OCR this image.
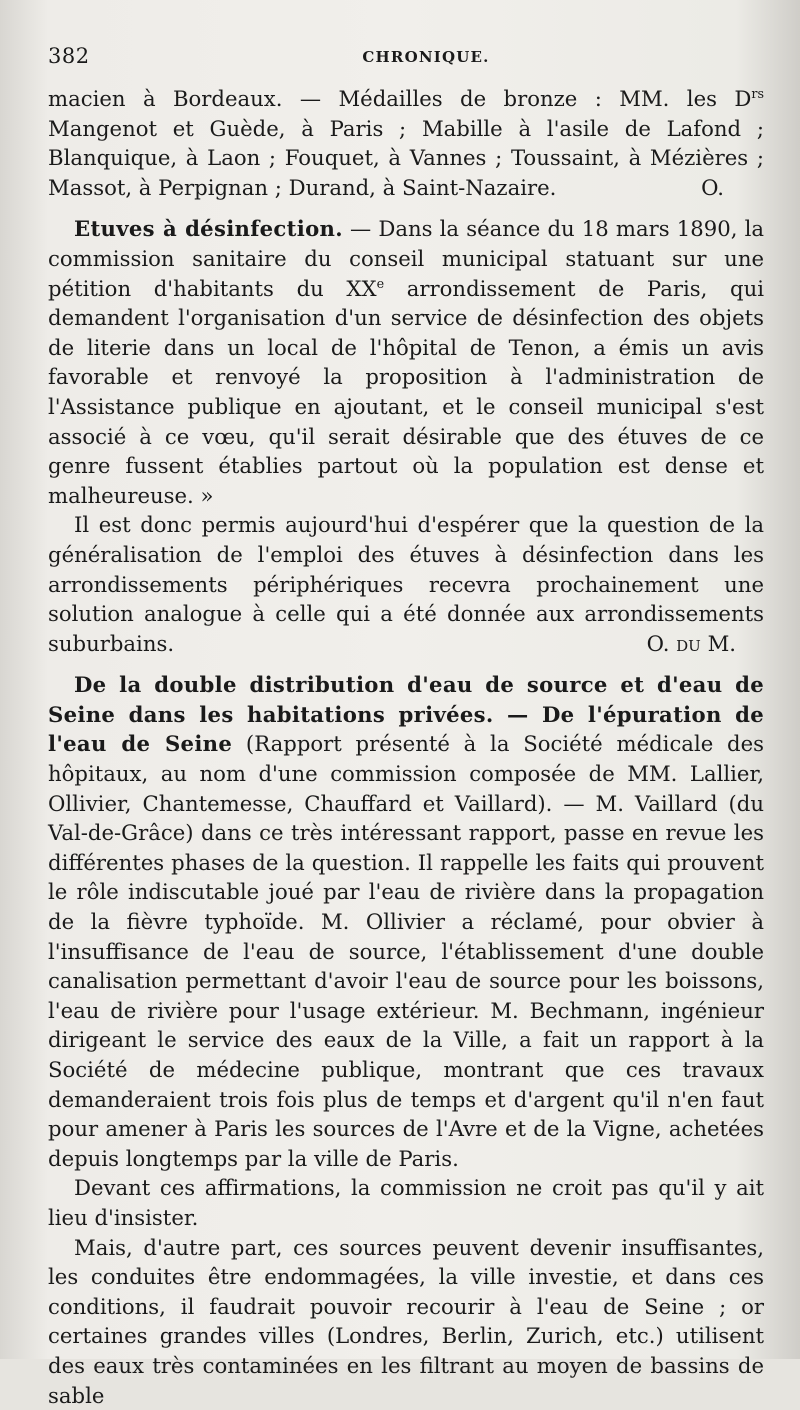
382	CHRONIQUE.

macien à Bordeaux. — Médailles de bronze : MM. les $D^{rs}$ Mangenot et Guède, à Paris ; Mabille à l'asile de Lafond ; Blanquique, à Laon ; Fouquet, à Vannes ; Toussaint, à Mézières ; Massot, à Perpignan ; Durand, à Saint-Nazaire.	O.

Etuves à désinfection. — Dans la séance du 18 mars 1890, la commission sanitaire du conseil municipal statuant sur une pétition d'habitants du XXe arrondissement de Paris, qui demandent l'organisation d'un service de désinfection des objets de literie dans un local de l'hôpital de Tenon, a émis un avis favorable et renvoyé la proposition à l'administration de l'Assistance publique en ajoutant, et le conseil municipal s'est associé à ce vœu, qu'il serait désirable que des étuves de ce genre fussent établies partout où la population est dense et malheureuse. »

Il est donc permis aujourd'hui d'espérer que la question de la généralisation de l'emploi des étuves à désinfection dans les arrondissements périphériques recevra prochainement une solution analogue à celle qui a été donnée aux arrondissements suburbains.	O. du M.

De la double distribution d'eau de source et d'eau de Seine dans les habitations privées. — De l'épuration de l'eau de Seine (Rapport présenté à la Société médicale des hôpitaux, au nom d'une commission composée de MM. Lallier, Ollivier, Chantemesse, Chauffard et Vaillard). — M. Vaillard (du Val-de-Grâce) dans ce très intéressant rapport, passe en revue les différentes phases de la question. Il rappelle les faits qui prouvent le rôle indiscutable joué par l'eau de rivière dans la propagation de la fièvre typhoïde. M. Ollivier a réclamé, pour obvier à l'insuffisance de l'eau de source, l'établissement d'une double canalisation permettant d'avoir l'eau de source pour les boissons, l'eau de rivière pour l'usage extérieur. M. Bechmann, ingénieur dirigeant le service des eaux de la Ville, a fait un rapport à la Société de médecine publique, montrant que ces travaux demanderaient trois fois plus de temps et d'argent qu'il n'en faut pour amener à Paris les sources de l'Avre et de la Vigne, achetées depuis longtemps par la ville de Paris.

Devant ces affirmations, la commission ne croit pas qu'il y ait lieu d'insister.

Mais, d'autre part, ces sources peuvent devenir insuffisantes, les conduites être endommagées, la ville investie, et dans ces conditions, il faudrait pouvoir recourir à l'eau de Seine ; or certaines grandes villes (Londres, Berlin, Zurich, etc.) utilisent des eaux très contaminées en les filtrant au moyen de bassins de sable
